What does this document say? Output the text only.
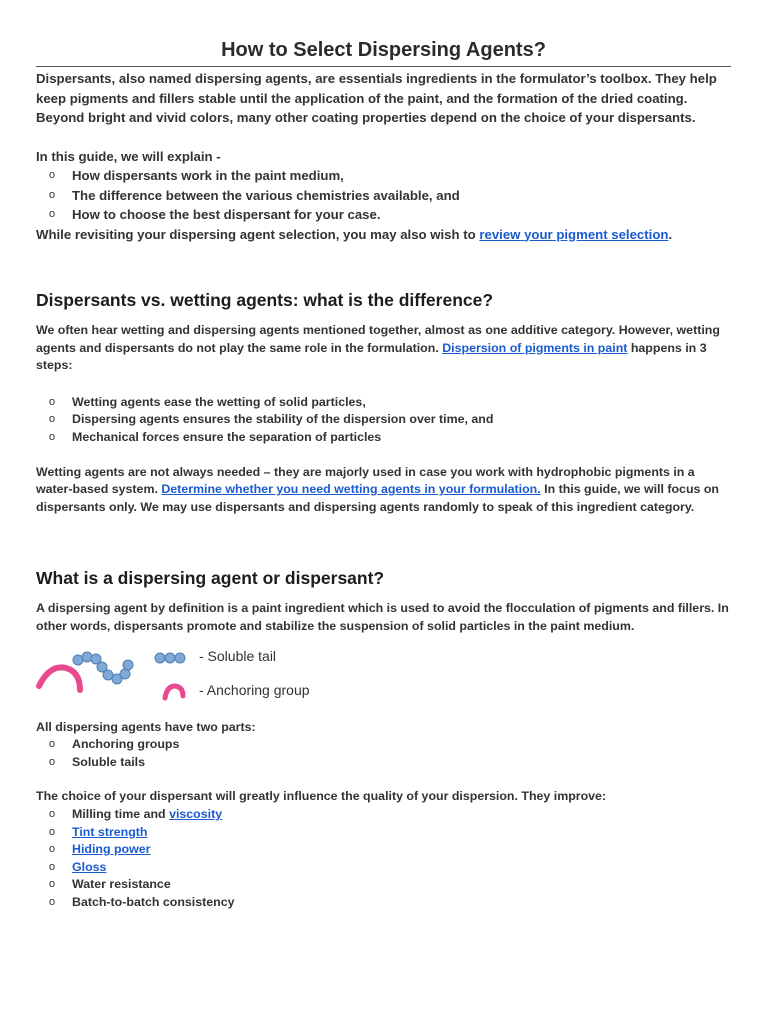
How to Select Dispersing Agents?

Dispersants, also named dispersing agents, are essentials ingredients in the formulator’s toolbox. They help keep pigments and fillers stable until the application of the paint, and the formation of the dried coating. Beyond bright and vivid colors, many other coating properties depend on the choice of your dispersants.

In this guide, we will explain -

o How dispersants work in the paint medium,
o The difference between the various chemistries available, and
o How to choose the best dispersant for your case.

While revisiting your dispersing agent selection, you may also wish to review your pigment selection.

Dispersants vs. wetting agents: what is the difference?

We often hear wetting and dispersing agents mentioned together, almost as one additive category. However, wetting agents and dispersants do not play the same role in the formulation. Dispersion of pigments in paint happens in 3 steps:

o Wetting agents ease the wetting of solid particles,
o Dispersing agents ensures the stability of the dispersion over time, and
o Mechanical forces ensure the separation of particles

Wetting agents are not always needed – they are majorly used in case you work with hydrophobic pigments in a water-based system. Determine whether you need wetting agents in your formulation. In this guide, we will focus on dispersants only. We may use dispersants and dispersing agents randomly to speak of this ingredient category.

What is a dispersing agent or dispersant?

A dispersing agent by definition is a paint ingredient which is used to avoid the flocculation of pigments and fillers. In other words, dispersants promote and stabilize the suspension of solid particles in the paint medium.

- Soluble tail
- Anchoring group

All dispersing agents have two parts:

o Anchoring groups
o Soluble tails

The choice of your dispersant will greatly influence the quality of your dispersion. They improve:

o Milling time and viscosity
o Tint strength
o Hiding power
o Gloss
o Water resistance
o Batch-to-batch consistency
